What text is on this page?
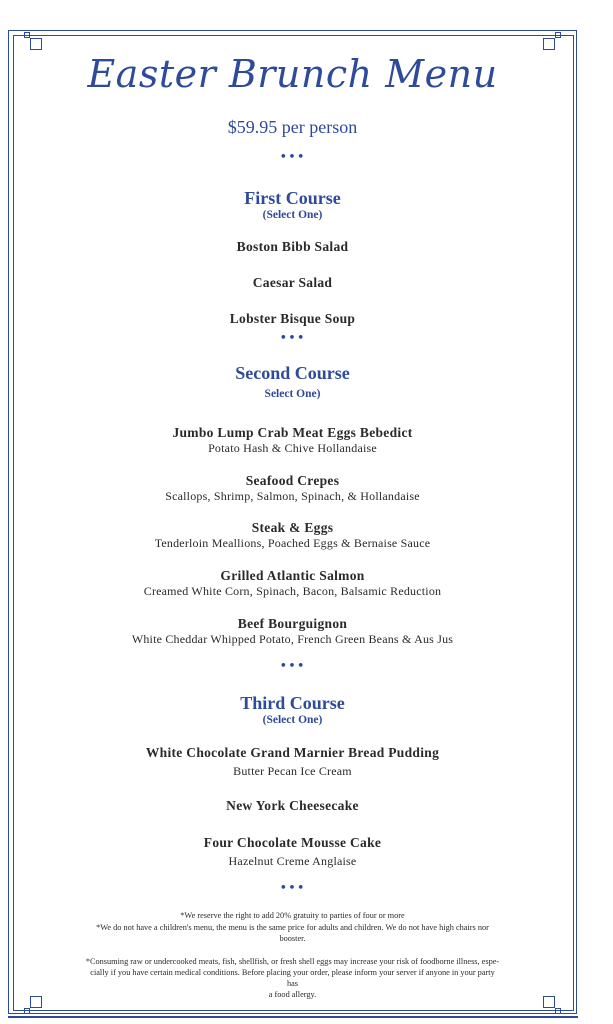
Easter Brunch Menu
$59.95 per person
•••
First Course
(Select One)
Boston Bibb Salad
Caesar Salad
Lobster Bisque Soup
•••
Second Course
Select One)
Jumbo Lump Crab Meat Eggs Bebedict
Potato Hash & Chive Hollandaise
Seafood Crepes
Scallops, Shrimp, Salmon, Spinach, & Hollandaise
Steak & Eggs
Tenderloin Meallions, Poached Eggs & Bernaise Sauce
Grilled Atlantic Salmon
Creamed White Corn, Spinach, Bacon, Balsamic Reduction
Beef Bourguignon
White Cheddar Whipped Potato, French Green Beans & Aus Jus
•••
Third Course
(Select One)
White Chocolate Grand Marnier Bread Pudding
Butter Pecan Ice Cream
New York Cheesecake
Four Chocolate Mousse Cake
Hazelnut Creme Anglaise
•••
*We reserve the right to add 20% gratuity to parties of four or more
*We do not have a children's menu, the menu is the same price for adults and children. We do not have high chairs nor
booster.
*Consuming raw or undercooked meats, fish, shellfish, or fresh shell eggs may increase your risk of foodborne illness, espe-
cially if you have certain medical conditions. Before placing your order, please inform your server if anyone in your party
has
a food allergy.
